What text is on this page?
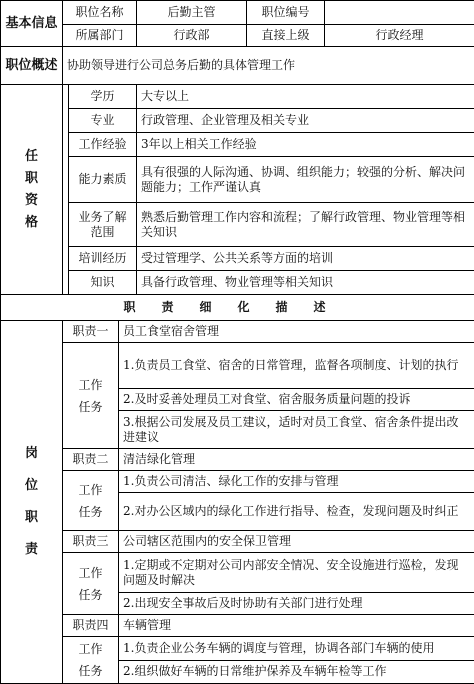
基本信息	职位名称			后勤主管	职位编号	
	所属部门			行政部	直接上级	行政经理
职位概述	协助领导进行公司总务后勤的具体管理工作					

任
职
资
格		学历		大专以上		
		专业		行政管理、企业管理及相关专业		
		工作经验		3年以上相关工作经验		
		能力素质		具有很强的人际沟通、协调、组织能力；较强的分析、解决问题能力；工作严谨认真		
		业务了解范围		熟悉后勤管理工作内容和流程；了解行政管理、物业管理等相关知识		
		培训经历		受过管理学、公共关系等方面的培训		
		知识		具备行政管理、物业管理等相关知识		
职责细化描述						

岗
位
职
责	职责一		员工食堂宿舍管理			

	工作
任务		1.负责员工食堂、宿舍的日常管理，监督各项制度、计划的执行			
			2.及时妥善处理员工对食堂、宿舍服务质量问题的投诉			
			3.根据公司发展及员工建议，适时对员工食堂、宿舍条件提出改进建议			
	职责二		清洁绿化管理			

	工作
任务		1.负责公司清洁、绿化工作的安排与管理			
			2.对办公区域内的绿化工作进行指导、检查，发现问题及时纠正			
	职责三		公司辖区范围内的安全保卫管理			

	工作
任务		1.定期或不定期对公司内部安全情况、安全设施进行巡检，发现问题及时解决			
			2.出现安全事故后及时协助有关部门进行处理			
	职责四		车辆管理			

	工作
任务		1.负责企业公务车辆的调度与管理，协调各部门车辆的使用			
			2.组织做好车辆的日常维护保养及车辆年检等工作			
